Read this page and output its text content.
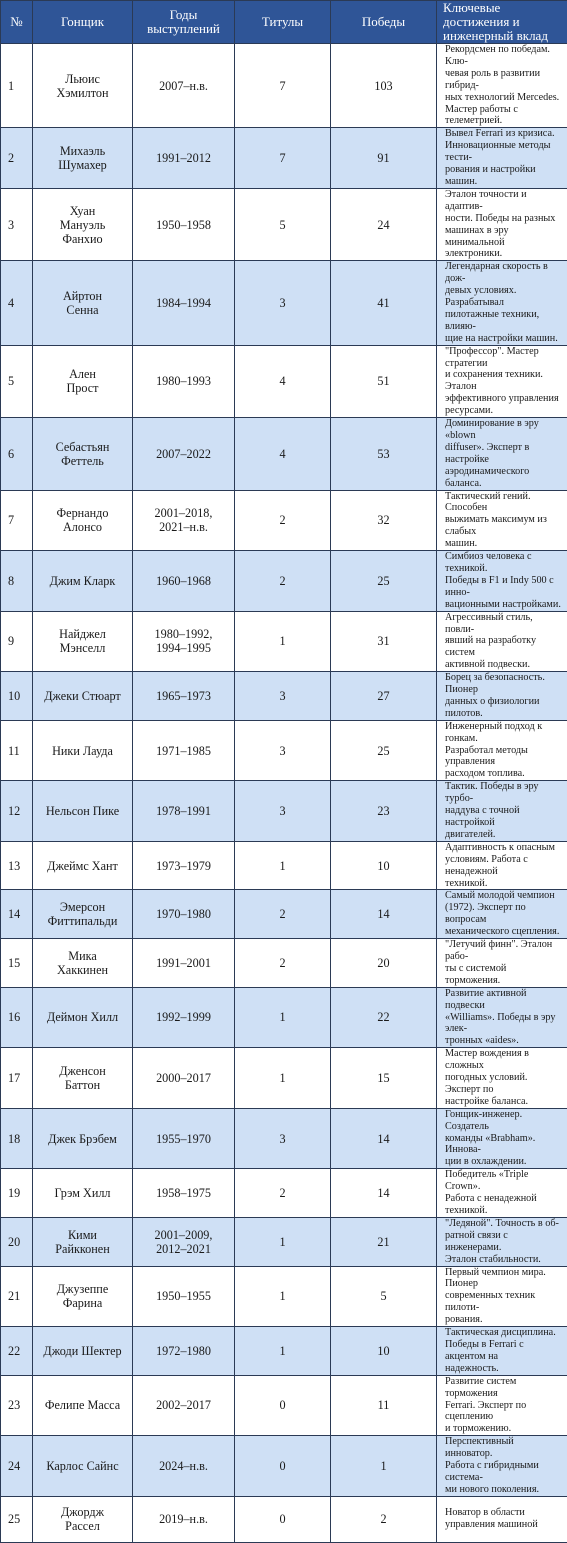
№	Гонщик	Годы
выступлений	Титулы	Победы	Ключевые достижения и
инженерный вклад

1	Льюис
Хэмилтон	2007–н.в.	7	103	Рекордсмен по победам. Клю-
чевая роль в развитии гибрид-
ных технологий Mercedes.
Мастер работы с телеметрией.

2	Михаэль
Шумахер	1991–2012	7	91	Вывел Ferrari из кризиса.
Инновационные методы тести-
рования и настройки машин.

3	Хуан
Мануэль
Фанхио	1950–1958	5	24	Эталон точности и адаптив-
ности. Победы на разных
машинах в эру минимальной
электроники.

4	Айртон
Сенна	1984–1994	3	41	Легендарная скорость в дож-
девых условиях. Разрабатывал
пилотажные техники, влияю-
щие на настройки машин.

5	Ален
Прост	1980–1993	4	51	"Профессор". Мастер стратегии
и сохранения техники. Эталон
эффективного управления
ресурсами.

6	Себастьян
Феттель	2007–2022	4	53	Доминирование в эру «blown
diffuser». Эксперт в настройке
аэродинамического баланса.

7	Фернандо
Алонсо	2001–2018,
2021–н.в.	2	32	Тактический гений. Способен
выжимать максимум из слабых
машин.

8	Джим Кларк	1960–1968	2	25	Симбиоз человека с техникой.
Победы в F1 и Indy 500 с инно-
вационными настройками.

9	Найджел
Мэнселл	1980–1992,
1994–1995	1	31	Агрессивный стиль, повли-
явший на разработку систем
активной подвески.

10	Джеки Стюарт	1965–1973	3	27	Борец за безопасность. Пионер
данных о физиологии пилотов.

11	Ники Лауда	1971–1985	3	25	Инженерный подход к гонкам.
Разработал методы управления
расходом топлива.

12	Нельсон Пике	1978–1991	3	23	Тактик. Победы в эру турбо-
наддува с точной настройкой
двигателей.

13	Джеймс Хант	1973–1979	1	10	Адаптивность к опасным
условиям. Работа с ненадежной
техникой.

14	Эмерсон
Фиттипальди	1970–1980	2	14	Самый молодой чемпион
(1972). Эксперт по вопросам
механического сцепления.

15	Мика
Хаккинен	1991–2001	2	20	"Летучий финн". Эталон рабо-
ты с системой торможения.

16	Деймон Хилл	1992–1999	1	22	Развитие активной подвески
«Williams». Победы в эру элек-
тронных «aides».

17	Дженсон
Баттон	2000–2017	1	15	Мастер вождения в сложных
погодных условий. Эксперт по
настройке баланса.

18	Джек Брэбем	1955–1970	3	14	Гонщик-инженер. Создатель
команды «Brabham». Иннова-
ции в охлаждении.

19	Грэм Хилл	1958–1975	2	14	Победитель «Triple Crown».
Работа с ненадежной техникой.

20	Кими
Райкконен	2001–2009,
2012–2021	1	21	"Ледяной". Точность в об-
ратной связи с инженерами.
Эталон стабильности.

21	Джузеппе
Фарина	1950–1955	1	5	Первый чемпион мира. Пионер
современных техник пилоти-
рования.

22	Джоди Шектер	1972–1980	1	10	Тактическая дисциплина.
Победы в Ferrari с акцентом на
надежность.

23	Фелипе Масса	2002–2017	0	11	Развитие систем торможения
Ferrari. Эксперт по сцеплению
и торможению.

24	Карлос Сайнс	2024–н.в.	0	1	Перспективный инноватор.
Работа с гибридными системa-
ми нового поколения.

25	Джордж
Рассел	2019–н.в.	0	2	Новатор в области
управления машиной
